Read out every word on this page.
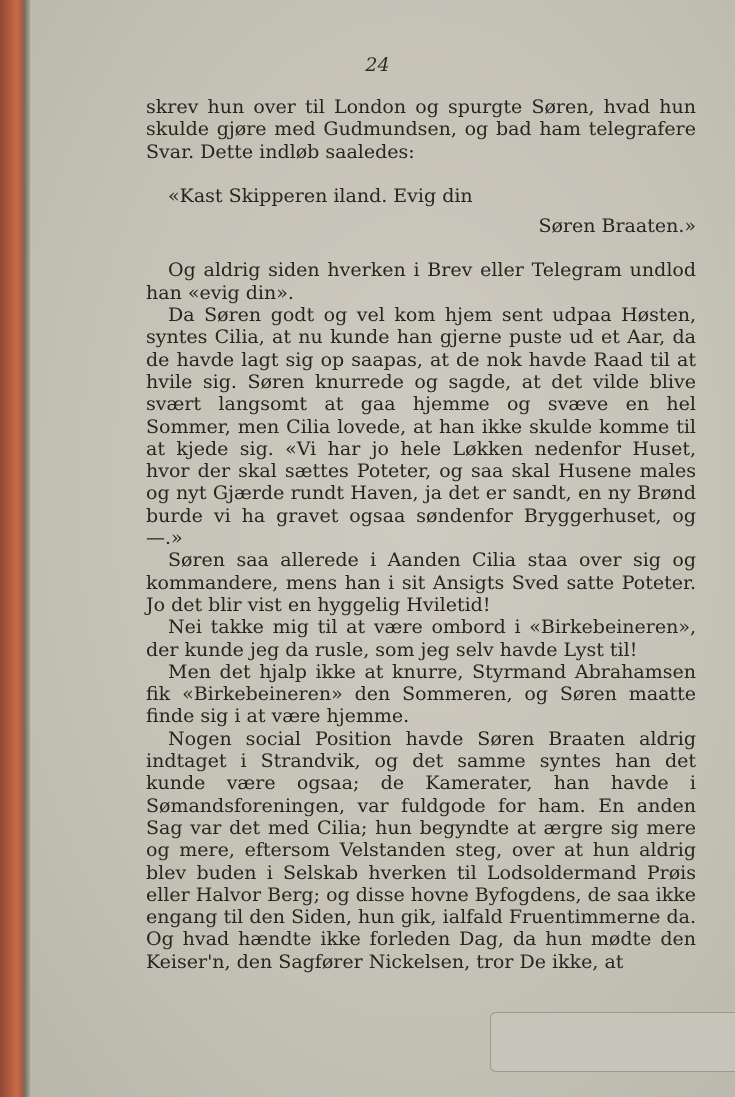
24

skrev hun over til London og spurgte Søren, hvad hun skulde gjøre med Gudmundsen, og bad ham telegrafere Svar. Dette indløb saaledes:

«Kast Skipperen iland. Evig din
Søren Braaten.»

Og aldrig siden hverken i Brev eller Telegram undlod han «evig din».

Da Søren godt og vel kom hjem sent udpaa Høsten, syntes Cilia, at nu kunde han gjerne puste ud et Aar, da de havde lagt sig op saapas, at de nok havde Raad til at hvile sig. Søren knurrede og sagde, at det vilde blive svært langsomt at gaa hjemme og svæve en hel Sommer, men Cilia lovede, at han ikke skulde komme til at kjede sig. «Vi har jo hele Løkken nedenfor Huset, hvor der skal sættes Poteter, og saa skal Husene males og nyt Gjærde rundt Haven, ja det er sandt, en ny Brønd burde vi ha gravet ogsaa søndenfor Bryggerhuset, og —.»

Søren saa allerede i Aanden Cilia staa over sig og kommandere, mens han i sit Ansigts Sved satte Poteter. Jo det blir vist en hyggelig Hviletid!

Nei takke mig til at være ombord i «Birkebeineren», der kunde jeg da rusle, som jeg selv havde Lyst til!

Men det hjalp ikke at knurre, Styrmand Abrahamsen fik «Birkebeineren» den Sommeren, og Søren maatte finde sig i at være hjemme.

Nogen social Position havde Søren Braaten aldrig indtaget i Strandvik, og det samme syntes han det kunde være ogsaa; de Kamerater, han havde i Sømandsforeningen, var fuldgode for ham. En anden Sag var det med Cilia; hun begyndte at ærgre sig mere og mere, eftersom Velstanden steg, over at hun aldrig blev buden i Selskab hverken til Lodsoldermand Prøis eller Halvor Berg; og disse hovne Byfogdens, de saa ikke engang til den Siden, hun gik, ialfald Fruentimmerne da. Og hvad hændte ikke forleden Dag, da hun mødte den Keiser'n, den Sagfører Nickelsen, tror De ikke, at
